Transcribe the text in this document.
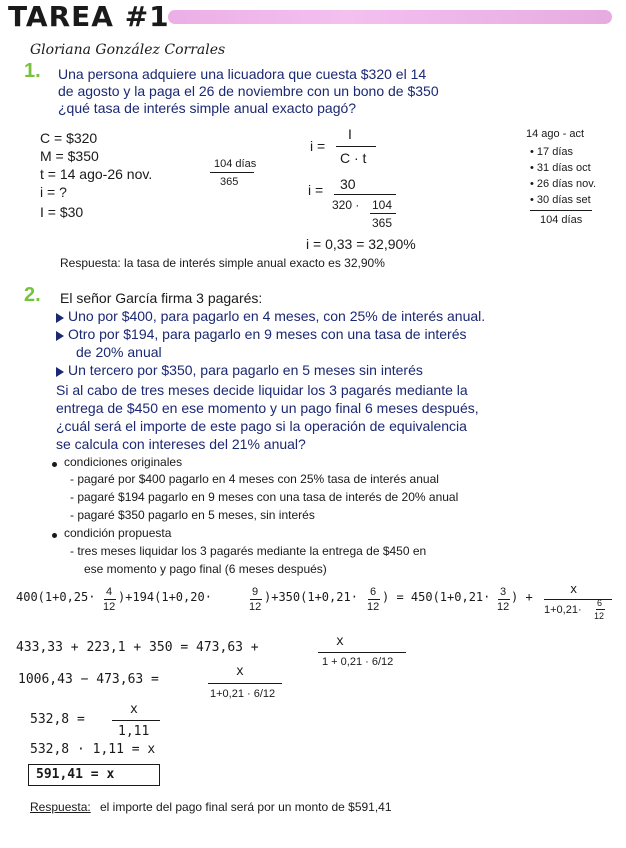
TAREA #1
Gloriana González Corrales
1. Una persona adquiere una licuadora que cuesta $320 el 14
de agosto y la paga el 26 de noviembre con un bono de $350
¿qué tasa de interés simple anual exacto pagó?
C = $320
M = $350
t = 14 ago-26 nov.
104 días
365
i = ?
I = $30
i =
I
C · t
i = 30
320 · 104
365
14 ago - act
• 17 días
• 31 días oct
• 26 días nov.
• 30 días set
104 días
i = 0,33 = 32,90%
Respuesta: la tasa de interés simple anual exacto es 32,90%
2. El señor García firma 3 pagarés:
Uno por $400, para pagarlo en 4 meses, con 25% de interés anual.
Otro por $194, para pagarlo en 9 meses con una tasa de interés
de 20% anual
Un tercero por $350, para pagarlo en 5 meses sin interés
Si al cabo de tres meses decide liquidar los 3 pagarés mediante la
entrega de $450 en ese momento y un pago final 6 meses después,
¿cuál será el importe de este pago si la operación de equivalencia
se calcula con intereses del 21% anual?
condiciones originales
- pagaré por $400 pagarlo en 4 meses con 25% tasa de interés anual
- pagaré $194 pagarlo en 9 meses con una tasa de interés de 20% anual
- pagaré $350 pagarlo en 5 meses, sin interés
condición propuesta
- tres meses liquidar los 3 pagarés mediante la entrega de $450 en
ese momento y pago final (6 meses después)
400(1+0,25· 4
12
)+194(1+0,20·	9
12
)+350(1+0,21· 6
12
) = 450(1+0,21· 3
12
) +
x
1+0,21·
6
12
433,33 + 223,1 + 350 = 473,63 +	x
1 + 0,21 · 6/12
1006,43 − 473,63 =
x
1+0,21 · 6/12
532,8 =
x
1,11
532,8 · 1,11 = x
591,41 = x
Respuesta: el importe del pago final será por un monto de $591,41
